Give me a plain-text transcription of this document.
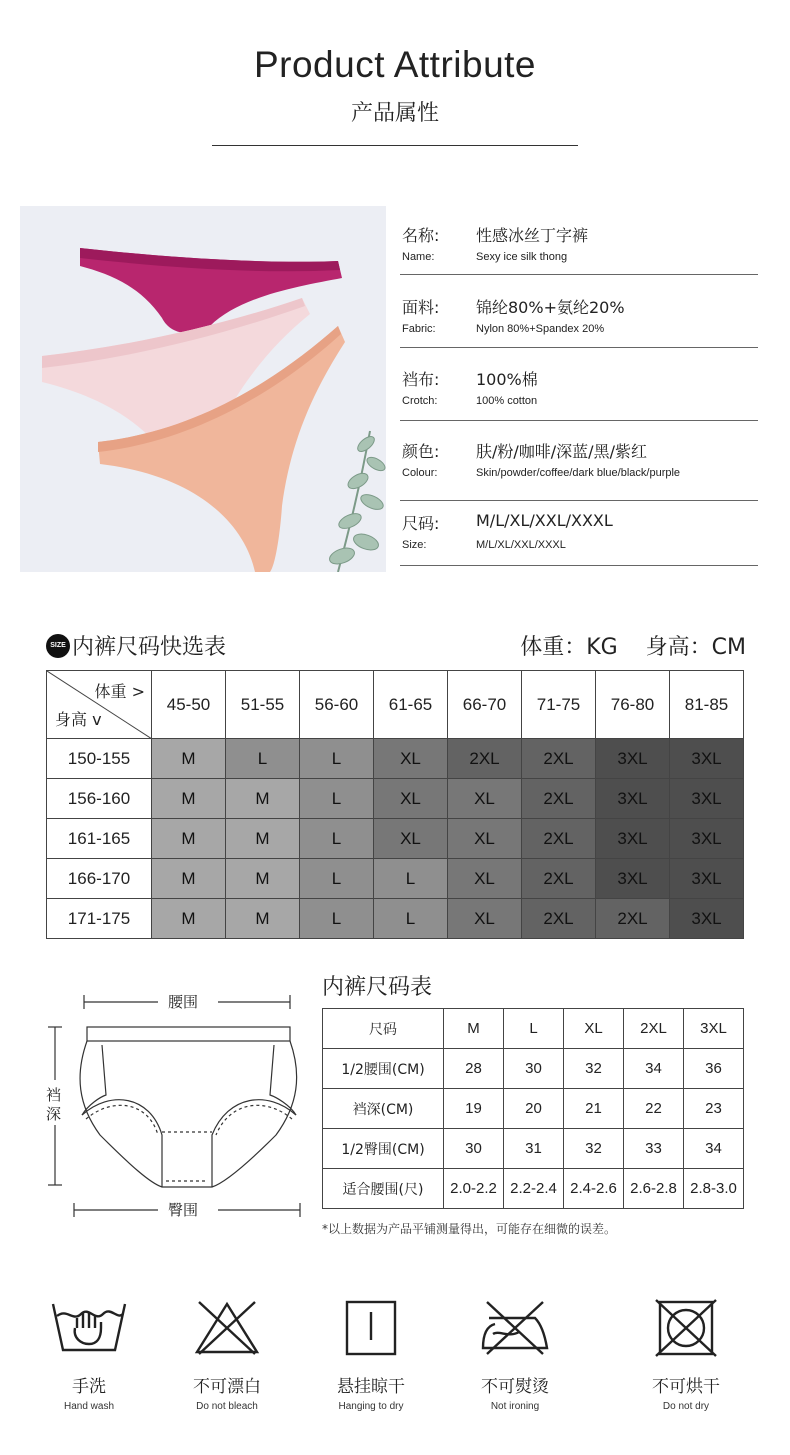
Product Attribute
产品属性
名称: 性感冰丝丁字裤
Name:	Sexy ice silk thong
面料: 锦纶80%+氨纶20%
Fabric:	Nylon 80%+Spandex 20%
裆布: 100%棉
Crotch:	100% cotton
颜色: 肤/粉/咖啡/深蓝/黑/紫红
Colour:	Skin/powder/coffee/dark blue/black/purple
尺码: M/L/XL/XXL/XXXL
Size:	M/L/XL/XXL/XXXL
SIZE 内裤尺码快选表	体重：KG    身高：CM
体重 >
身高 v	45-50	51-55	56-60	61-65	66-70	71-75	76-80	81-85
150-155	M	L	L	XL	2XL	2XL	3XL	3XL
156-160	M	M	L	XL	XL	2XL	3XL	3XL
161-165	M	M	L	XL	XL	2XL	3XL	3XL
166-170	M	M	L	L	XL	2XL	3XL	3XL
171-175	M	M	L	L	XL	2XL	2XL	3XL
腰围
臀围
裆
深
内裤尺码表
尺码	M	L	XL	2XL	3XL
1/2腰围(CM)	28	30	32	34	36
裆深(CM)	19	20	21	22	23
1/2臀围(CM)	30	31	32	33	34
适合腰围(尺)	2.0-2.2	2.2-2.4	2.4-2.6	2.6-2.8	2.8-3.0
*以上数据为产品平铺测量得出，可能存在细微的误差。
手洗
Hand wash
不可漂白
Do not bleach
悬挂晾干
Hanging to dry
不可熨烫
Not ironing
不可烘干
Do not dry
